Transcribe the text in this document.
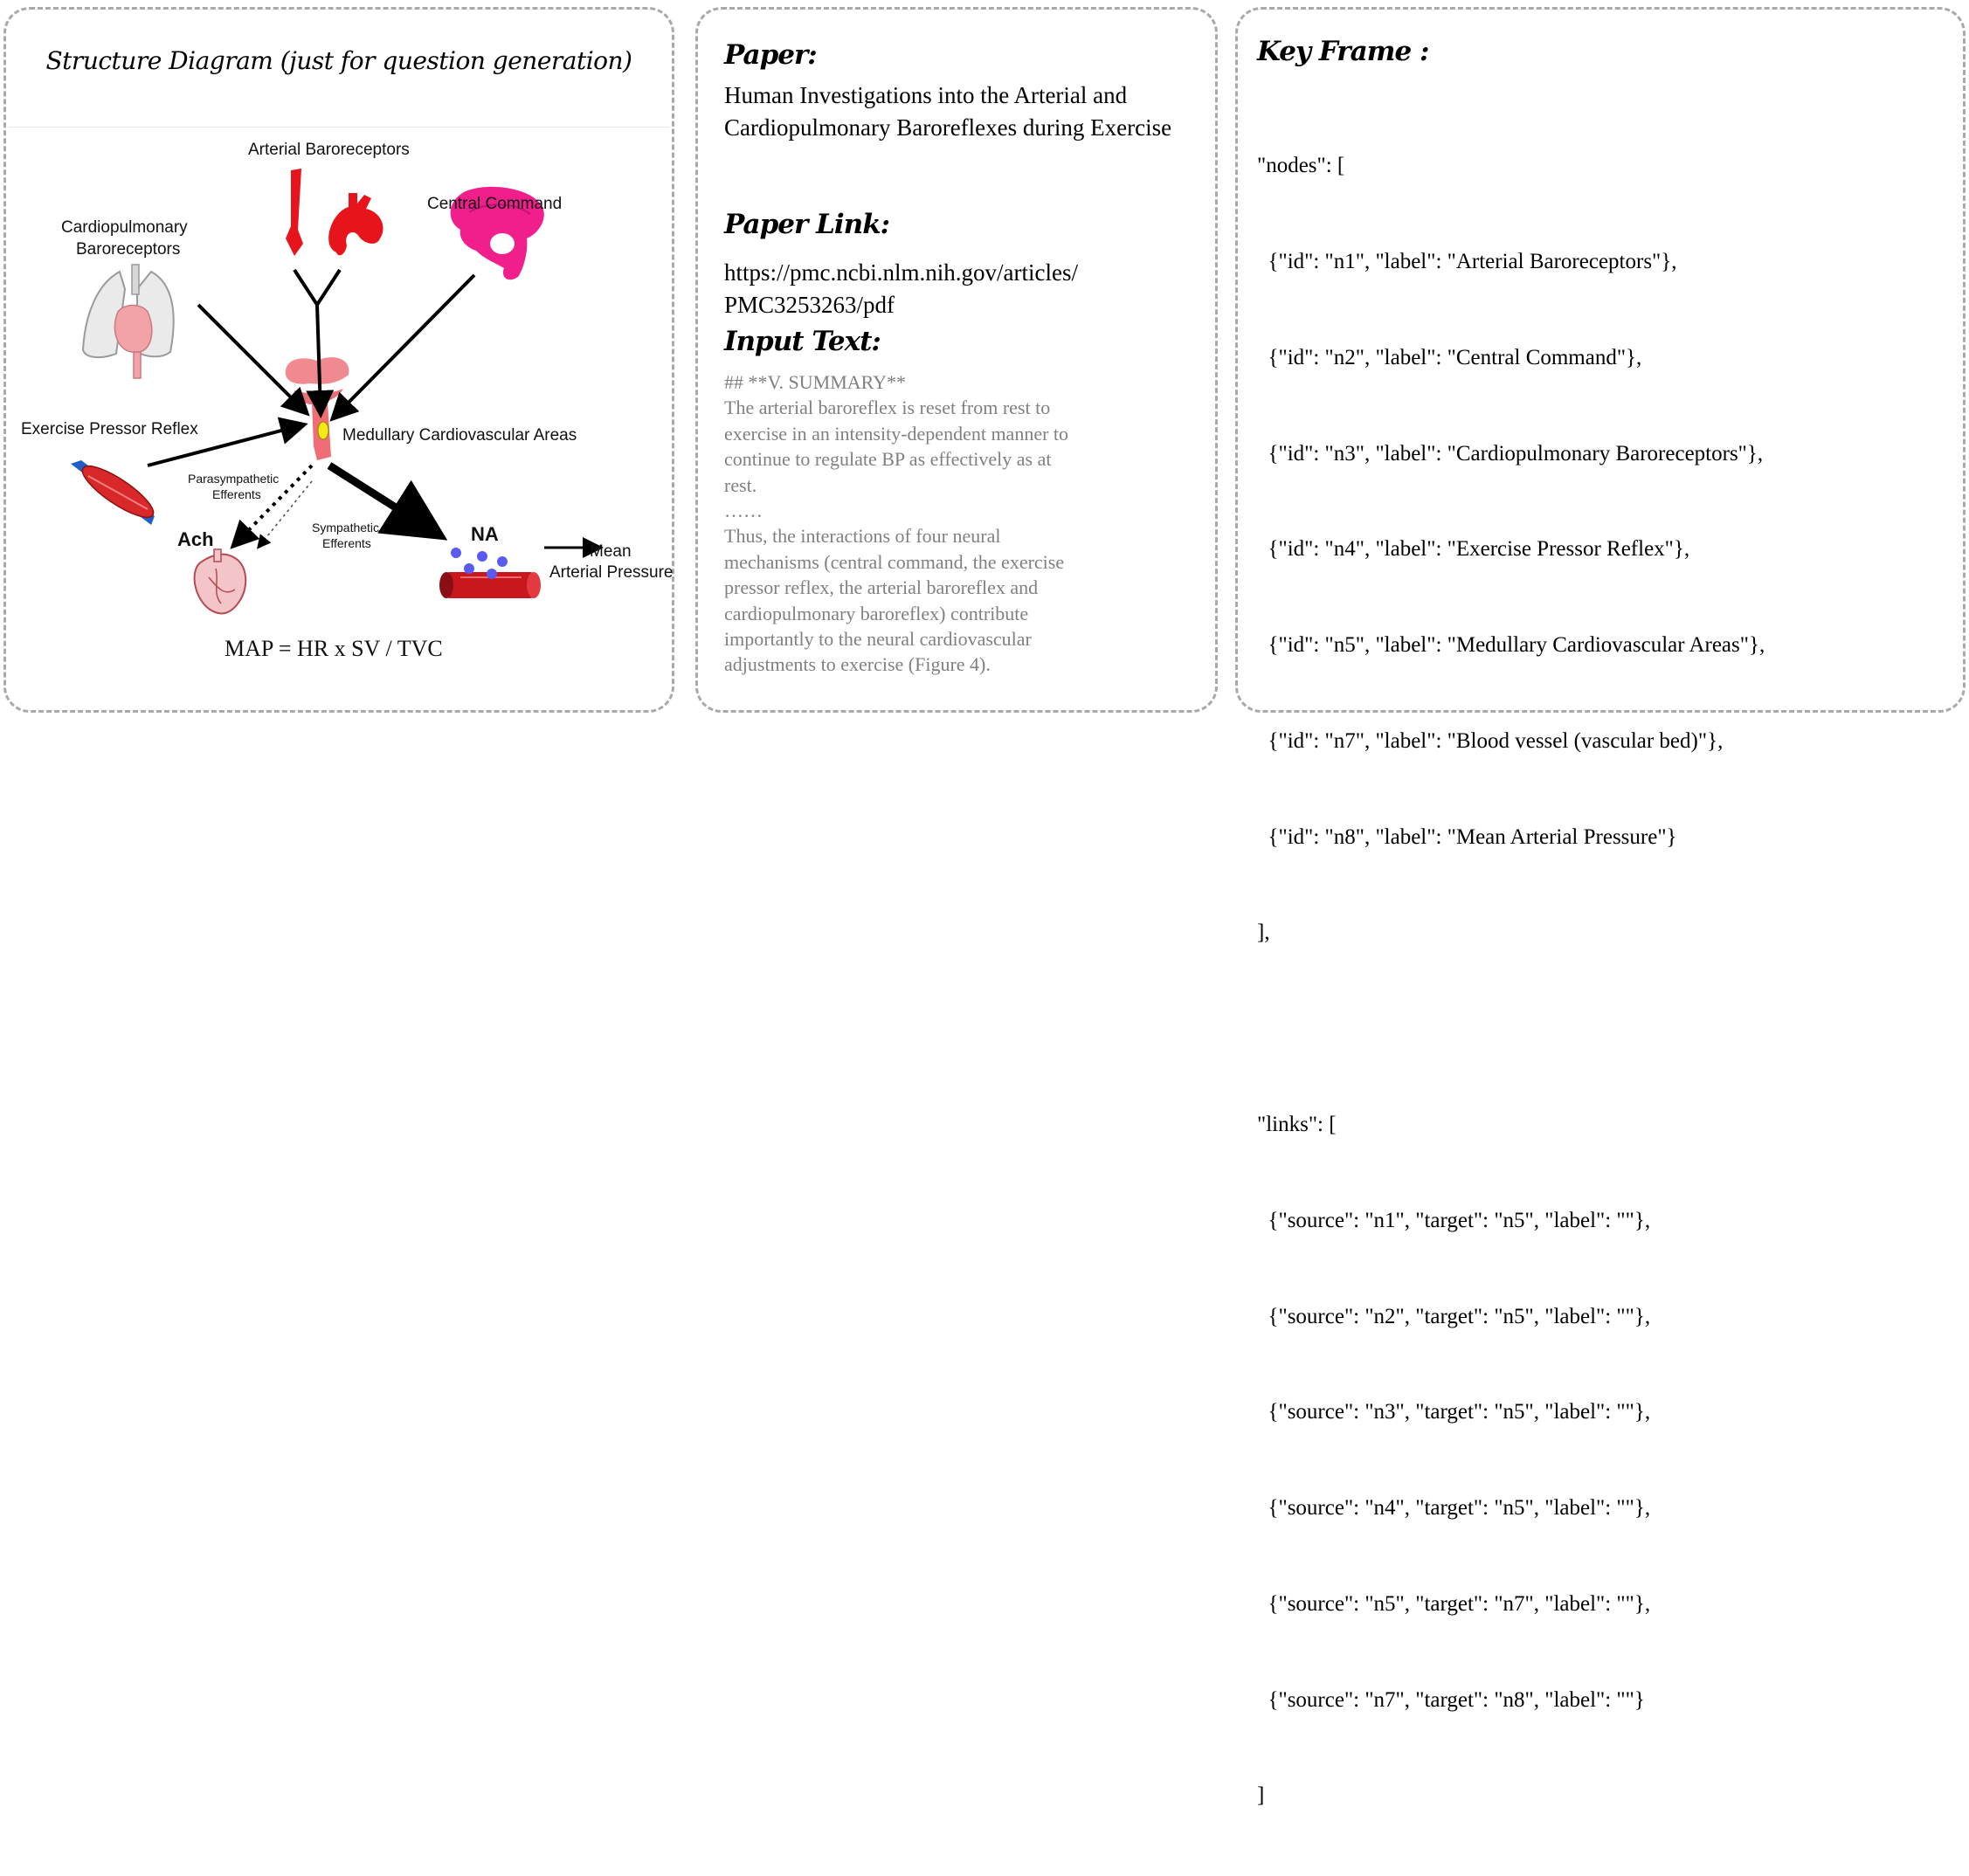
Structure Diagram (just for question generation)
Arterial Baroreceptors
Central Command
Cardiopulmonary
Baroreceptors
Exercise Pressor Reflex	Medullary Cardiovascular Areas
Parasympathetic
Efferents
Sympathetic
Efferents
Ach	NA
Mean
Arterial Pressure
MAP = HR x SV / TVC
Paper:
Human Investigations into the Arterial and Cardiopulmonary Baroreflexes during Exercise
Paper Link:
https://pmc.ncbi.nlm.nih.gov/articles/
PMC3253263/pdf
Input Text:

## **V. SUMMARY**

The arterial baroreflex is reset from rest to

exercise in an intensity-dependent manner to

continue to regulate BP as effectively as at

rest.

……

Thus, the interactions of four neural

mechanisms (central command, the exercise

pressor reflex, the arterial baroreflex and

cardiopulmonary baroreflex) contribute

importantly to the neural cardiovascular

adjustments to exercise (Figure 4).

Key Frame :

"nodes": [

{"id": "n1", "label": "Arterial Baroreceptors"},

{"id": "n2", "label": "Central Command"},

{"id": "n3", "label": "Cardiopulmonary Baroreceptors"},

{"id": "n4", "label": "Exercise Pressor Reflex"},

{"id": "n5", "label": "Medullary Cardiovascular Areas"},

{"id": "n7", "label": "Blood vessel (vascular bed)"},

{"id": "n8", "label": "Mean Arterial Pressure"}

],

"links": [

{"source": "n1", "target": "n5", "label": ""},

{"source": "n2", "target": "n5", "label": ""},

{"source": "n3", "target": "n5", "label": ""},

{"source": "n4", "target": "n5", "label": ""},

{"source": "n5", "target": "n7", "label": ""},

{"source": "n7", "target": "n8", "label": ""}

]
